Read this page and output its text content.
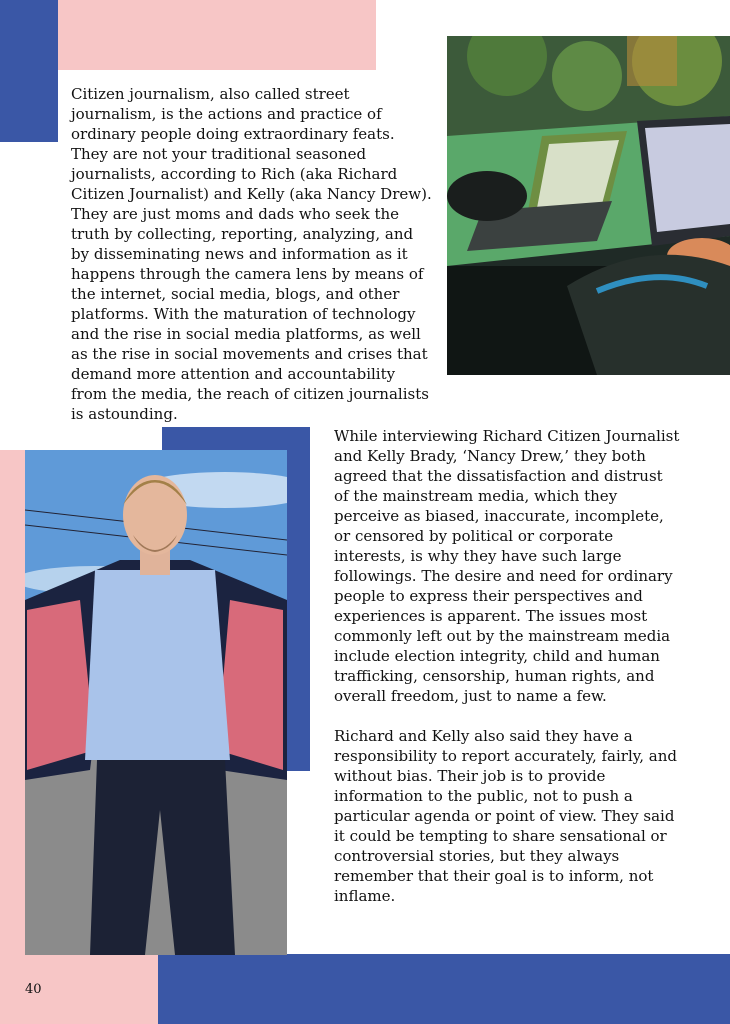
Citizen journalism, also called street journalism, is the actions and practice of ordinary people doing extraordinary feats. They are not your traditional seasoned journalists, according to Rich (aka Richard Citizen Journalist) and Kelly (aka Nancy Drew). They are just moms and dads who seek the truth by collecting, reporting, analyzing, and by disseminating news and information as it happens through the camera lens by means of the internet, social media, blogs, and other platforms. With the maturation of technology and the rise in social media platforms, as well as the rise in social movements and crises that demand more attention and accountability from the media, the reach of citizen journalists is astounding.

While interviewing Richard Citizen Journalist and Kelly Brady, ‘Nancy Drew,’ they both agreed that the dissatisfaction and distrust of the mainstream media, which they perceive as biased, inaccurate, incomplete, or censored by political or corporate interests, is why they have such large followings. The desire and need for ordinary people to express their perspectives and experiences is apparent. The issues most commonly left out by the mainstream media include election integrity, child and human trafficking, censorship, human rights, and overall freedom, just to name a few.

Richard and Kelly also said they have a responsibility to report accurately, fairly, and without bias. Their job is to provide information to the public, not to push a particular agenda or point of view. They said it could be tempting to share sensational or controversial stories, but they always remember that their goal is to inform, not inflame.

40
